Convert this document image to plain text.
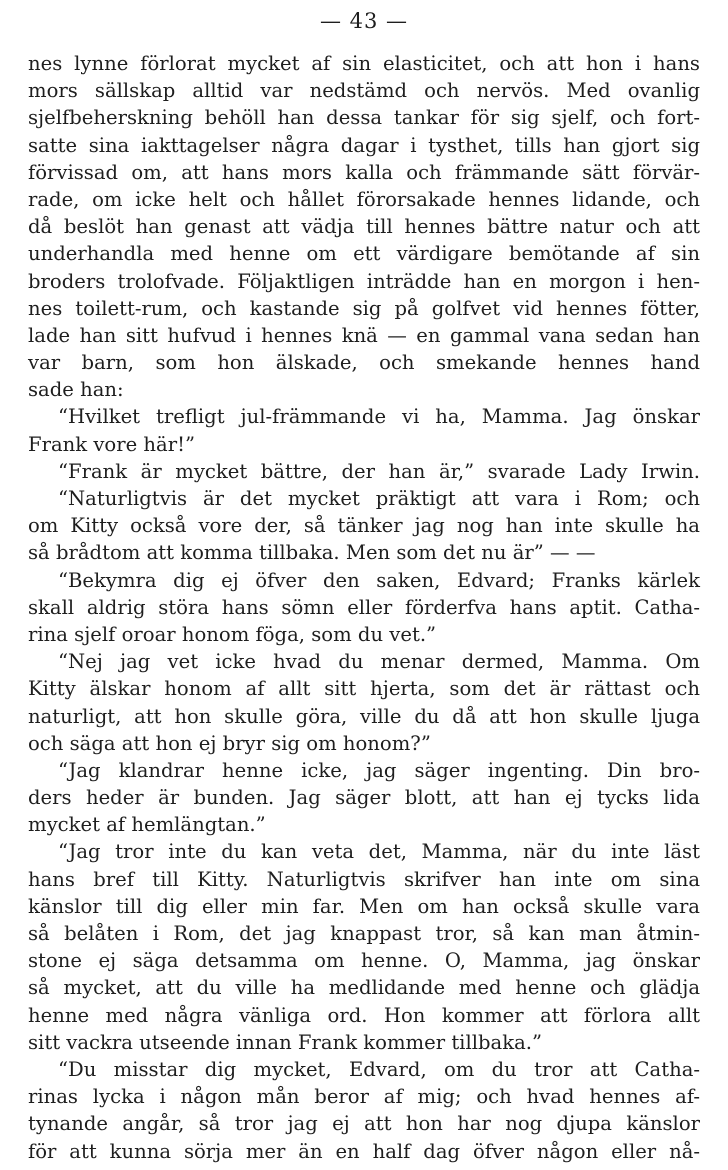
— 43 —
nes lynne förlorat mycket af sin elasticitet, och att hon i hans
mors sällskap alltid var nedstämd och nervös. Med ovanlig
sjelfbeherskning behöll han dessa tankar för sig sjelf, och fort-
satte sina iakttagelser några dagar i tysthet, tills han gjort sig
förvissad om, att hans mors kalla och främmande sätt förvär-
rade, om icke helt och hållet förorsakade hennes lidande, och
då beslöt han genast att vädja till hennes bättre natur och att
underhandla med henne om ett värdigare bemötande af sin
broders trolofvade. Följaktligen inträdde han en morgon i hen-
nes toilett-rum, och kastande sig på golfvet vid hennes fötter,
lade han sitt hufvud i hennes knä — en gammal vana sedan han
var barn, som hon älskade, och smekande hennes hand
sade han:
“Hvilket trefligt jul-främmande vi ha, Mamma. Jag önskar
Frank vore här!”
“Frank är mycket bättre, der han är,” svarade Lady Irwin.
“Naturligtvis är det mycket präktigt att vara i Rom; och
om Kitty också vore der, så tänker jag nog han inte skulle ha
så brådtom att komma tillbaka. Men som det nu är” — —
“Bekymra dig ej öfver den saken, Edvard; Franks kärlek
skall aldrig störa hans sömn eller förderfva hans aptit. Catha-
rina sjelf oroar honom föga, som du vet.”
“Nej jag vet icke hvad du menar dermed, Mamma. Om
Kitty älskar honom af allt sitt hjerta, som det är rättast och
naturligt, att hon skulle göra, ville du då att hon skulle ljuga
och säga att hon ej bryr sig om honom?”
“Jag klandrar henne icke, jag säger ingenting. Din bro-
ders heder är bunden. Jag säger blott, att han ej tycks lida
mycket af hemlängtan.”
“Jag tror inte du kan veta det, Mamma, när du inte läst
hans bref till Kitty. Naturligtvis skrifver han inte om sina
känslor till dig eller min far. Men om han också skulle vara
så belåten i Rom, det jag knappast tror, så kan man åtmin-
stone ej säga detsamma om henne. O, Mamma, jag önskar
så mycket, att du ville ha medlidande med henne och glädja
henne med några vänliga ord. Hon kommer att förlora allt
sitt vackra utseende innan Frank kommer tillbaka.”
“Du misstar dig mycket, Edvard, om du tror att Catha-
rinas lycka i någon mån beror af mig; och hvad hennes af-
tynande angår, så tror jag ej att hon har nog djupa känslor
för att kunna sörja mer än en half dag öfver någon eller nå-
